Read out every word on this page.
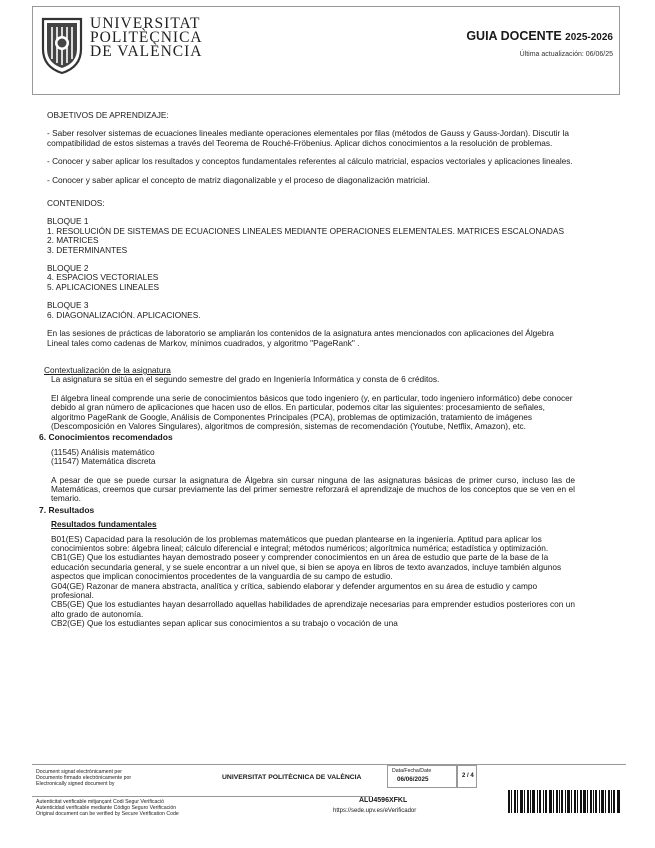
UNIVERSITAT
POLITÈCNICA
DE VALÈNCIA
GUIA DOCENTE 2025-2026
Última actualización: 06/06/25

OBJETIVOS DE APRENDIZAJE:

- Saber resolver sistemas de ecuaciones lineales mediante operaciones elementales por filas (métodos de Gauss y Gauss-Jordan). Discutir la compatibilidad de estos sistemas a través del Teorema de Rouché-Fröbenius. Aplicar dichos conocimientos a la resolución de problemas.

- Conocer y saber aplicar los resultados y conceptos fundamentales referentes al cálculo matricial, espacios vectoriales y aplicaciones lineales.

- Conocer y saber aplicar el concepto de matriz diagonalizable y el proceso de diagonalización matricial.

CONTENIDOS:

BLOQUE 1

1. RESOLUCIÓN DE SISTEMAS DE ECUACIONES LINEALES MEDIANTE OPERACIONES ELEMENTALES. MATRICES ESCALONADAS

2. MATRICES

3. DETERMINANTES

BLOQUE 2

4. ESPACIOS VECTORIALES

5. APLICACIONES LINEALES

BLOQUE 3

6. DIAGONALIZACIÓN. APLICACIONES.

En las sesiones de prácticas de laboratorio se ampliarán los contenidos de la asignatura antes mencionados con aplicaciones del Álgebra Lineal tales como cadenas de Markov, mínimos cuadrados, y algoritmo "PageRank" .

Contextualización de la asignatura

La asignatura se sitúa en el segundo semestre del grado en Ingeniería Informática y consta de 6 créditos.

El álgebra lineal comprende una serie de conocimientos básicos que todo ingeniero (y, en particular, todo ingeniero informático) debe conocer debido al gran número de aplicaciones que hacen uso de ellos. En particular, podemos citar las siguientes: procesamiento de señales, algoritmo PageRank de Google, Análisis de Componentes Principales (PCA), problemas de optimización, tratamiento de imágenes (Descomposición en Valores Singulares), algoritmos de compresión, sistemas de recomendación (Youtube, Netflix, Amazon), etc.

6. Conocimientos recomendados

(11545) Análisis matemático

(11547) Matemática discreta

A pesar de que se puede cursar la asignatura de Álgebra sin cursar ninguna de las asignaturas básicas de primer curso, incluso las de Matemáticas, creemos que cursar previamente las del primer semestre reforzará el aprendizaje de muchos de los conceptos que se ven en el temario.

7. Resultados

Resultados fundamentales

B01(ES) Capacidad para la resolución de los problemas matemáticos que puedan plantearse en la ingeniería. Aptitud para aplicar los conocimientos sobre: álgebra lineal; cálculo diferencial e integral; métodos numéricos; algorítmica numérica; estadística y optimización.

CB1(GE) Que los estudiantes hayan demostrado poseer y comprender conocimientos en un área de estudio que parte de la base de la educación secundaria general, y se suele encontrar a un nivel que, si bien se apoya en libros de texto avanzados, incluye también algunos aspectos que implican conocimientos procedentes de la vanguardia de su campo de estudio.

G04(GE) Razonar de manera abstracta, analítica y crítica, sabiendo elaborar y defender argumentos en su área de estudio y campo profesional.

CB5(GE) Que los estudiantes hayan desarrollado aquellas habilidades de aprendizaje necesarias para emprender estudios posteriores con un alto grado de autonomía.

CB2(GE) Que los estudiantes sepan aplicar sus conocimientos a su trabajo o vocación de una

Document signat electrònicament per
Documento firmado electrónicamente por
Electronically signed document by
UNIVERSITAT POLITÈCNICA DE VALÈNCIA
Data/Fecha/Date
06/06/2025	2 / 4
Autenticitat verificable mitjançant Codi Segur Verificació
Autenticidad verificable mediante Código Seguro Verificación
Original document can be verified by Secure Verification Code
ALU4596XFKL
https://sede.upv.es/eVerificador
